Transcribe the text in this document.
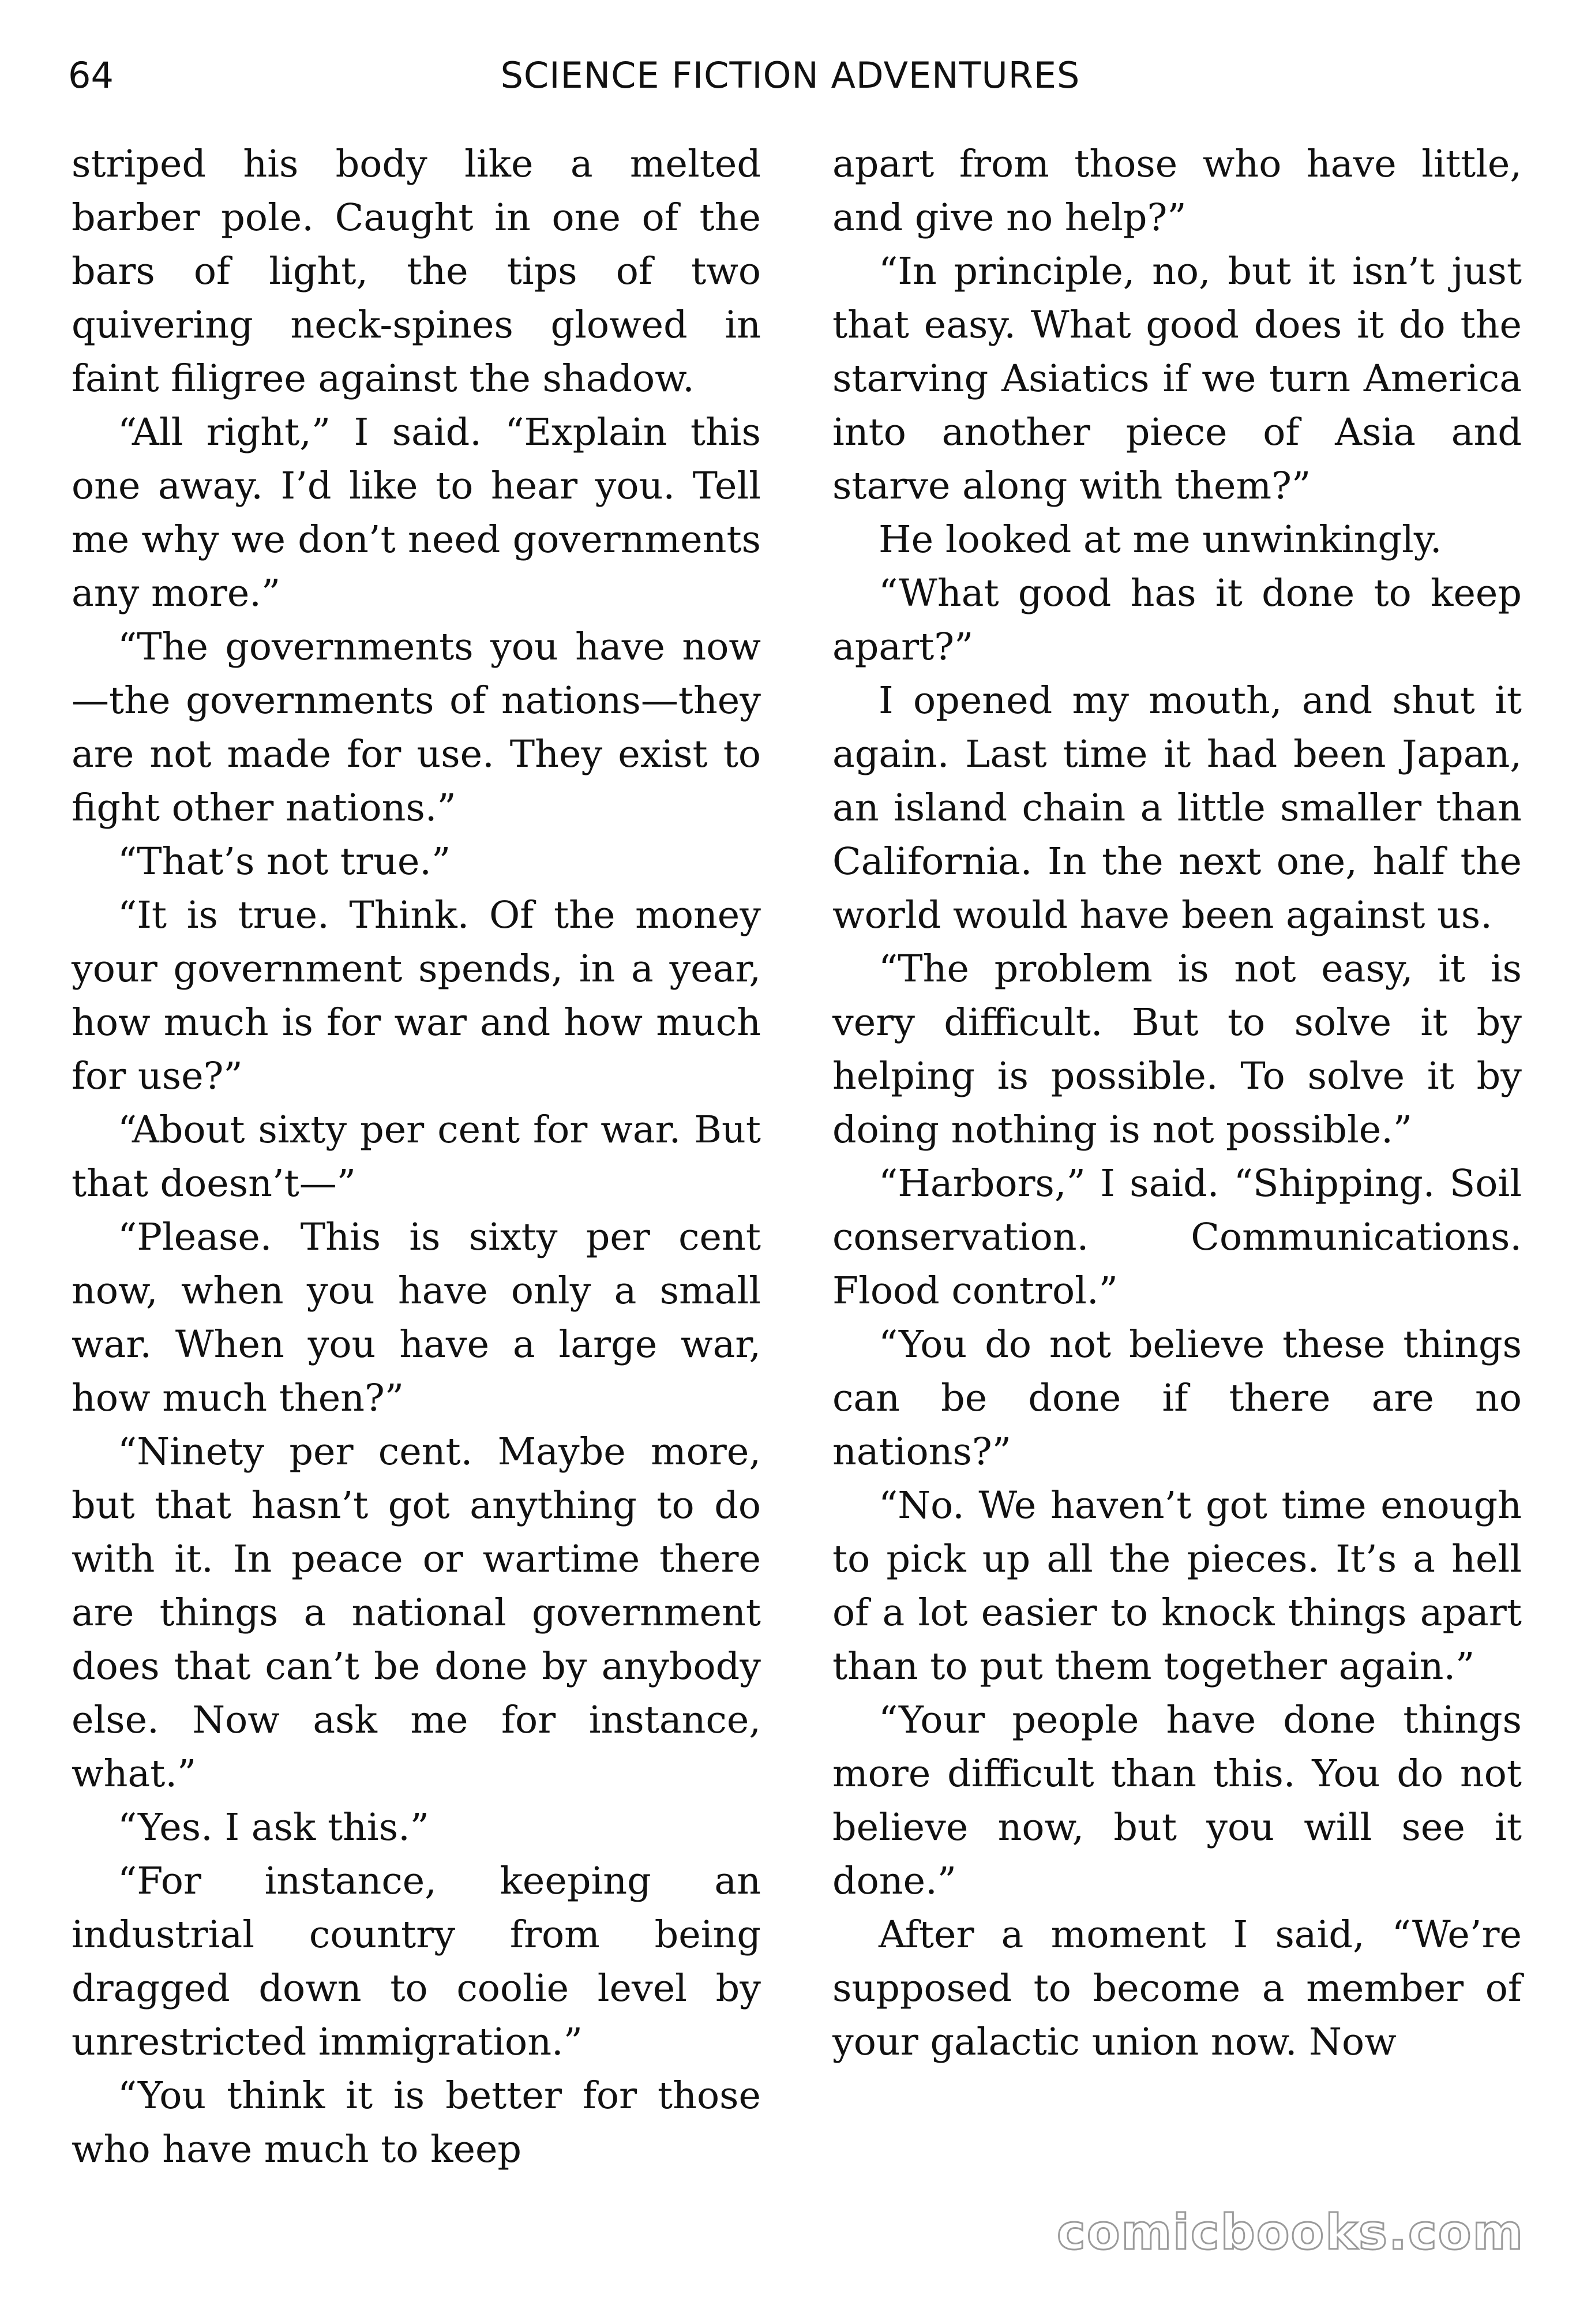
64	SCIENCE FICTION ADVENTURES

striped his body like a melted barber pole. Caught in one of the bars of light, the tips of two quivering neck-spines glowed in faint filigree against the shadow.

“All right,” I said. “Explain this one away. I’d like to hear you. Tell me why we don’t need governments any more.”

“The governments you have now—the governments of nations—they are not made for use. They exist to fight other nations.”

“That’s not true.”

“It is true. Think. Of the money your government spends, in a year, how much is for war and how much for use?”

“About sixty per cent for war. But that doesn’t—”

“Please. This is sixty per cent now, when you have only a small war. When you have a large war, how much then?”

“Ninety per cent. Maybe more, but that hasn’t got anything to do with it. In peace or wartime there are things a national government does that can’t be done by anybody else. Now ask me for instance, what.”

“Yes. I ask this.”

“For instance, keeping an industrial country from being dragged down to coolie level by unrestricted immigration.”

“You think it is better for those who have much to keep

apart from those who have little, and give no help?”

“In principle, no, but it isn’t just that easy. What good does it do the starving Asiatics if we turn America into another piece of Asia and starve along with them?”

He looked at me unwinkingly.

“What good has it done to keep apart?”

I opened my mouth, and shut it again. Last time it had been Japan, an island chain a little smaller than California. In the next one, half the world would have been against us.

“The problem is not easy, it is very difficult. But to solve it by helping is possible. To solve it by doing nothing is not possible.”

“Harbors,” I said. “Shipping. Soil conservation. Communications. Flood control.”

“You do not believe these things can be done if there are no nations?”

“No. We haven’t got time enough to pick up all the pieces. It’s a hell of a lot easier to knock things apart than to put them together again.”

“Your people have done things more difficult than this. You do not believe now, but you will see it done.”

After a moment I said, “We’re supposed to become a member of your galactic union now. Now

comicbooks.com
